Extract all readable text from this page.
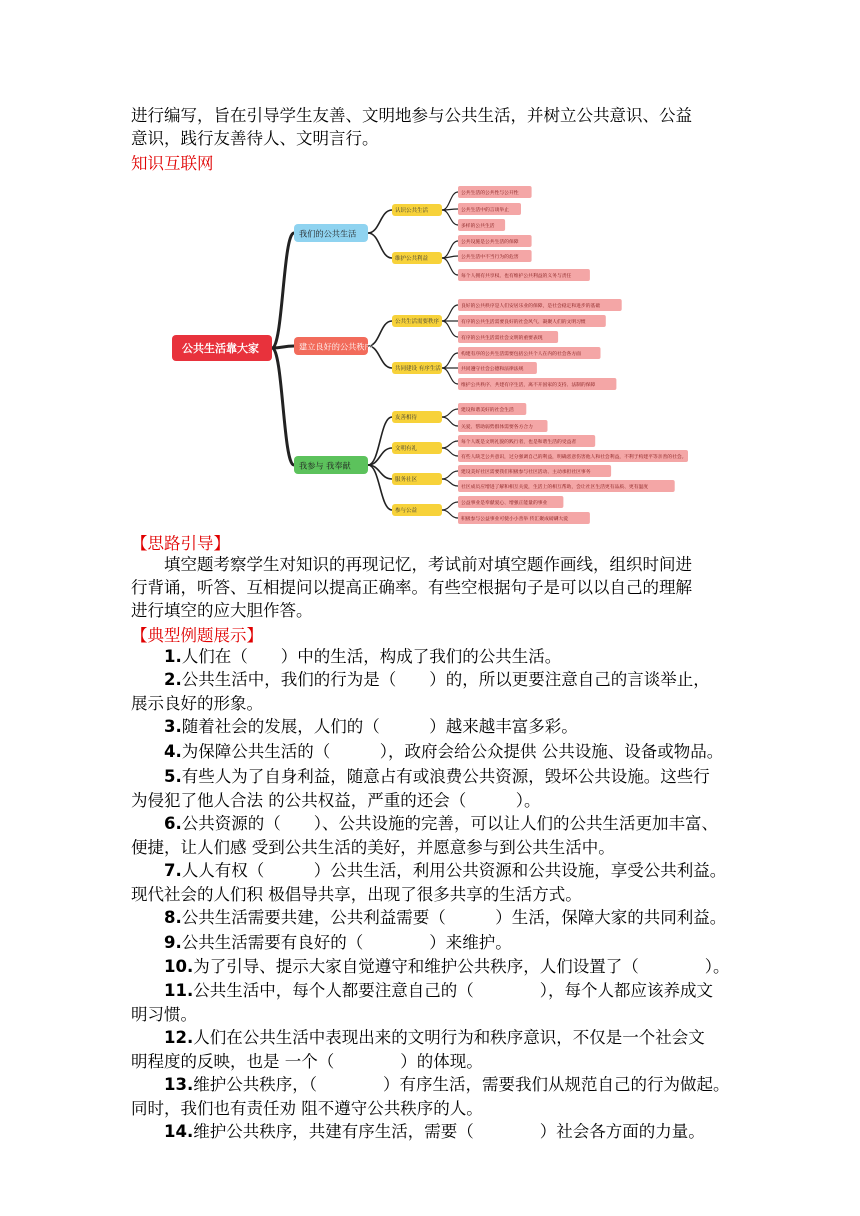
进行编写，旨在引导学生友善、文明地参与公共生活，并树立公共意识、公益
意识，践行友善待人、文明言行。
知识互联网
公共生活靠大家
我们的公共生活
认识公共生活
公共生活的公共性与公开性
公共生活中的言谈举止
多样的公共生活
维护公共利益
公共设施是公共生活的保障
公共生活中不当行为的危害
每个人拥有共享权、也有维护公共利益的义务与责任
建立良好的公共秩序
公共生活需要秩序
良好的公共秩序是人们安居乐业的保障，是社会稳定和进步的基础
有序的公共生活需要良好的社会风气、凝聚人们的文明习惯
有序的公共生活需社会文明的重要表现
共同建设 有序生活
构建有序的公共生活需要包括公共个人在内的社会各方面
共同遵守社会公德和法律法规
维护公共秩序、共建有序生活，离不开国家的支持、法制的保障
我参与 我奉献
友善相待
建设和谐美好的社会生活
关爱、帮助弱势群体需要各方合力
文明有礼
每个人既是文明礼貌的践行者，也是和谐生活的受益者
有些人缺乏公共意识，过分强调自己的利益，明确恶意伤害他人和社会利益，不利于构建平等亲善的社会。
服务社区
建设美好社区需要我们积极参与社区活动、主动承担社区事务
社区成员应增进了解和相互关爱，生活上的相互帮助，会让社区生活更有品质、更有温度
参与公益
公益事业是奉献爱心、增强正能量的事业
积极参与公益事业可使小小善举 传汇聚成磅礴大爱
【思路引导】
填空题考察学生对知识的再现记忆，考试前对填空题作画线，组织时间进
行背诵，听答、互相提问以提高正确率。有些空根据句子是可以以自己的理解
进行填空的应大胆作答。
【典型例题展示】
1.人们在（　　）中的生活，构成了我们的公共生活。
2.公共生活中，我们的行为是（　　）的，所以更要注意自己的言谈举止，
展示良好的形象。
3.随着社会的发展，人们的（　　　）越来越丰富多彩。
4.为保障公共生活的（　　　），政府会给公众提供 公共设施、设备或物品。
5.有些人为了自身利益，随意占有或浪费公共资源，毁坏公共设施。这些行
为侵犯了他人合法 的公共权益，严重的还会（　　　）。
6.公共资源的（　　）、公共设施的完善，可以让人们的公共生活更加丰富、
便捷，让人们感 受到公共生活的美好，并愿意参与到公共生活中。
7.人人有权（　　　）公共生活，利用公共资源和公共设施，享受公共利益。
现代社会的人们积 极倡导共享，出现了很多共享的生活方式。
8.公共生活需要共建，公共利益需要（　　　）生活，保障大家的共同利益。
9.公共生活需要有良好的（　　　　）来维护。
10.为了引导、提示大家自觉遵守和维护公共秩序，人们设置了（　　　　）。
11.公共生活中，每个人都要注意自己的（　　　　），每个人都应该养成文
明习惯。
12.人们在公共生活中表现出来的文明行为和秩序意识，不仅是一个社会文
明程度的反映，也是 一个（　　　　）的体现。
13.维护公共秩序，（　　　　）有序生活，需要我们从规范自己的行为做起。
同时，我们也有责任劝 阻不遵守公共秩序的人。
14.维护公共秩序，共建有序生活，需要（　　　　）社会各方面的力量。
